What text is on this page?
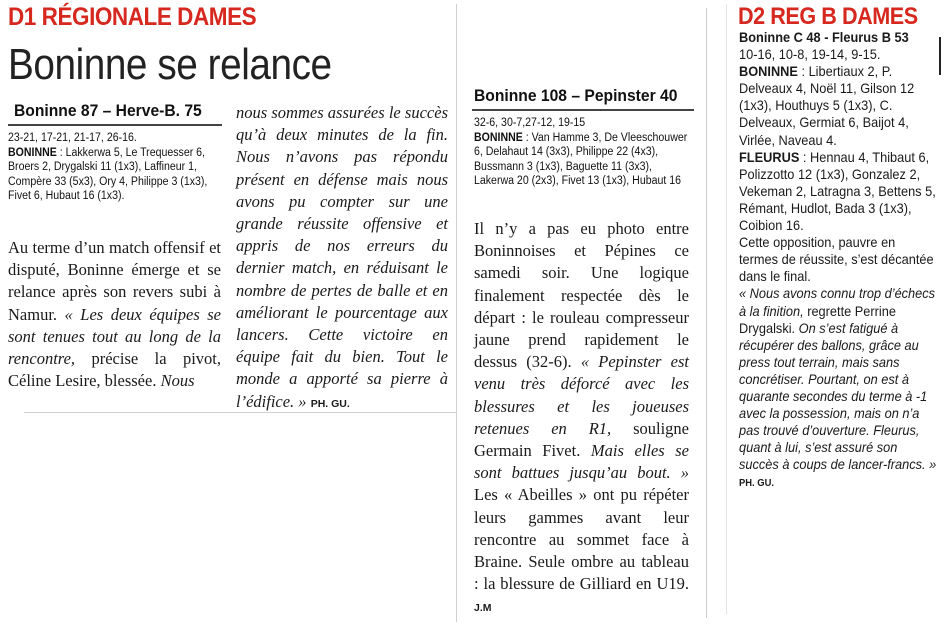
D1 RÉGIONALE DAMES
Boninne se relance
Boninne 87 – Herve-B. 75
23-21, 17-21, 21-17, 26-16.
BONINNE : Lakkerwa 5, Le Trequesser 6, Broers 2, Drygalski 11 (1x3), Laffineur 1, Compère 33 (5x3), Ory 4, Philippe 3 (1x3), Fivet 6, Hubaut 16 (1x3).
Au terme d’un match offensif et disputé, Boninne émerge et se relance après son revers subi à Namur. « Les deux équipes se sont tenues tout au long de la rencontre, précise la pivot, Céline Lesire, blessée. Nous
nous sommes assurées le succès qu’à deux minutes de la fin. Nous n’avons pas répondu présent en défense mais nous avons pu compter sur une grande réussite offensive et appris de nos erreurs du dernier match, en réduisant le nombre de pertes de balle et en améliorant le pourcentage aux lancers. Cette victoire en équipe fait du bien. Tout le monde a apporté sa pierre à l’édifice. » PH. GU.
Boninne 108 – Pepinster 40
32-6, 30-7,27-12, 19-15
BONINNE : Van Hamme 3, De Vleeschouwer 6, Delahaut 14 (3x3), Philippe 22 (4x3), Bussmann 3 (1x3), Baguette 11 (3x3), Lakerwa 20 (2x3), Fivet 13 (1x3), Hubaut 16
Il n’y a pas eu photo entre Boninnoises et Pépines ce samedi soir. Une logique finalement respectée dès le départ : le rouleau compresseur jaune prend rapidement le dessus (32-6). « Pepinster est venu très déforcé avec les blessures et les joueuses retenues en R1, souligne Germain Fivet. Mais elles se sont battues jusqu’au bout. » Les « Abeilles » ont pu répéter leurs gammes avant leur rencontre au sommet face à Braine. Seule ombre au tableau : la blessure de Gilliard en U19. J.M
D2 REG B DAMES
Boninne C 48 - Fleurus B 53
10-16, 10-8, 19-14, 9-15.
BONINNE : Libertiaux 2, P. Delveaux 4, Noël 11, Gilson 12 (1x3), Houthuys 5 (1x3), C. Delveaux, Germiat 6, Baijot 4, Virlée, Naveau 4.
FLEURUS : Hennau 4, Thibaut 6, Polizzotto 12 (1x3), Gonzalez 2, Vekeman 2, Latragna 3, Bettens 5, Rémant, Hudlot, Bada 3 (1x3), Coibion 16.
Cette opposition, pauvre en termes de réussite, s’est décantée dans le final.
« Nous avons connu trop d’échecs à la finition, regrette Perrine Drygalski. On s’est fatigué à récupérer des ballons, grâce au press tout terrain, mais sans concrétiser. Pourtant, on est à quarante secondes du terme à -1 avec la possession, mais on n’a pas trouvé d’ouverture. Fleurus, quant à lui, s’est assuré son succès à coups de lancer-francs. » PH. GU.
